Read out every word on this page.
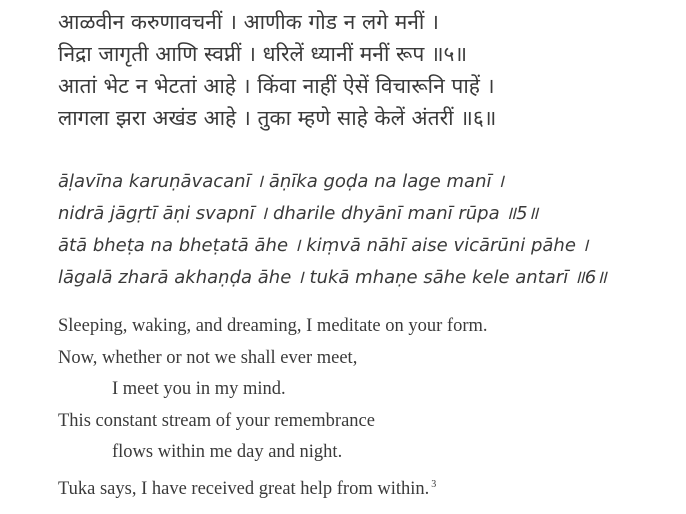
आळवीन करुणावचनीं । आणीक गोड न लगे मनीं ।
निद्रा जागृती आणि स्वप्नीं । धरिलें ध्यानीं मनीं रूप ॥५॥
आतां भेट न भेटतां आहे । किंवा नाहीं ऐसें विचारूनि पाहें ।
लागला झरा अखंड आहे । तुका म्हणे साहे केलें अंतरीं ॥६॥
āḷavīna karuṇāvacanī । āṇīka goḍa na lage manī ।
nidrā jāgṛtī āṇi svapnī । dharile dhyānī manī rūpa ॥5॥
ātā bheṭa na bheṭatā āhe । kiṃvā nāhī aise vicārūni pāhe ।
lāgalā zharā akhaṇḍa āhe । tukā mhaṇe sāhe kele antarī ॥6॥
Sleeping, waking, and dreaming, I meditate on your form.
Now, whether or not we shall ever meet,
I meet you in my mind.
This constant stream of your remembrance
flows within me day and night.
Tuka says, I have received great help from within. $^3$
